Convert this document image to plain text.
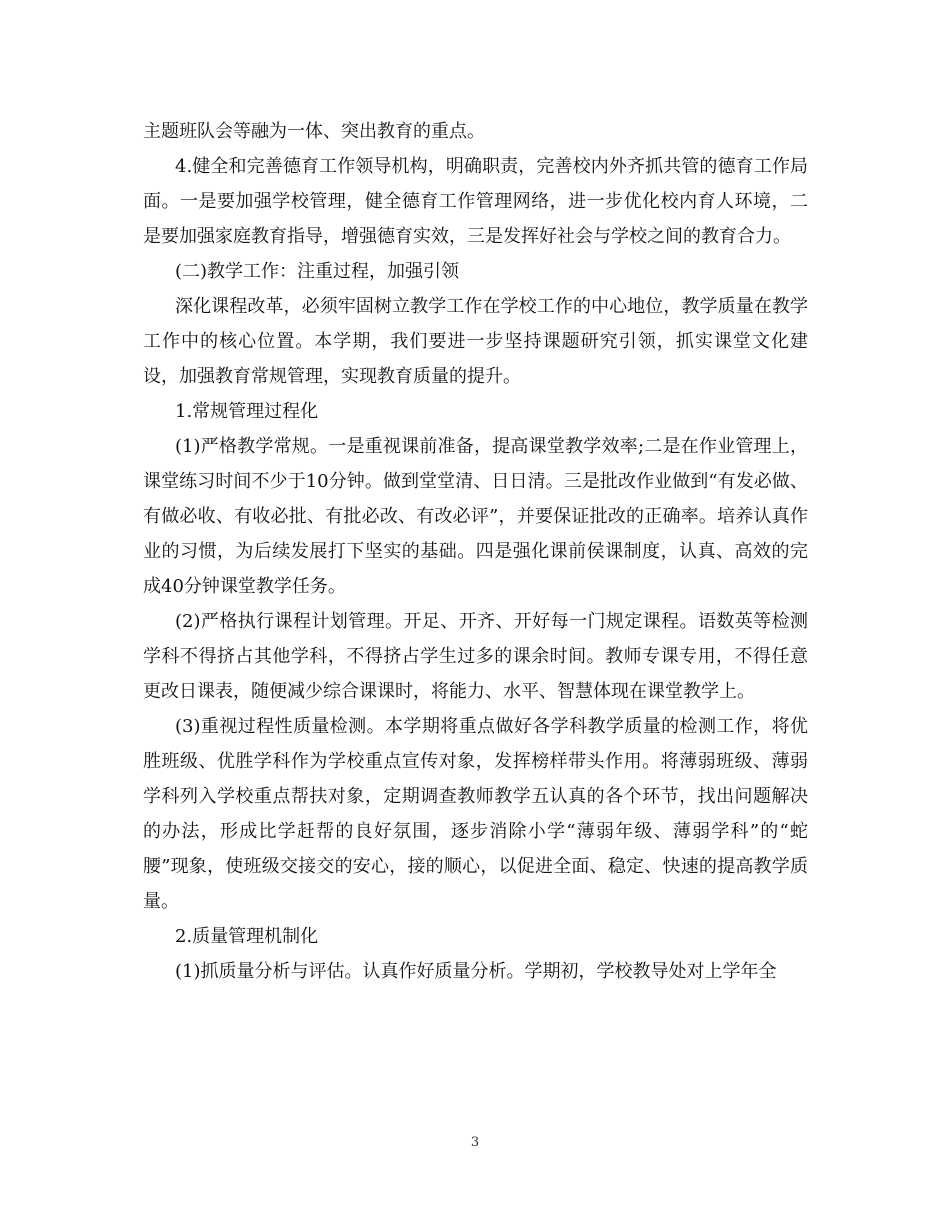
主题班队会等融为一体、突出教育的重点。

4.健全和完善德育工作领导机构，明确职责，完善校内外齐抓共管的德育工作局面。一是要加强学校管理，健全德育工作管理网络，进一步优化校内育人环境，二是要加强家庭教育指导，增强德育实效，三是发挥好社会与学校之间的教育合力。

(二)教学工作：注重过程，加强引领

深化课程改革，必须牢固树立教学工作在学校工作的中心地位，教学质量在教学工作中的核心位置。本学期，我们要进一步坚持课题研究引领，抓实课堂文化建设，加强教育常规管理，实现教育质量的提升。

1.常规管理过程化

(1)严格教学常规。一是重视课前准备，提高课堂教学效率;二是在作业管理上，课堂练习时间不少于10分钟。做到堂堂清、日日清。三是批改作业做到“有发必做、有做必收、有收必批、有批必改、有改必评”，并要保证批改的正确率。培养认真作业的习惯，为后续发展打下坚实的基础。四是强化课前侯课制度，认真、高效的完成40分钟课堂教学任务。

(2)严格执行课程计划管理。开足、开齐、开好每一门规定课程。语数英等检测学科不得挤占其他学科，不得挤占学生过多的课余时间。教师专课专用，不得任意更改日课表，随便减少综合课课时，将能力、水平、智慧体现在课堂教学上。

(3)重视过程性质量检测。本学期将重点做好各学科教学质量的检测工作，将优胜班级、优胜学科作为学校重点宣传对象，发挥榜样带头作用。将薄弱班级、薄弱学科列入学校重点帮扶对象，定期调查教师教学五认真的各个环节，找出问题解决的办法，形成比学赶帮的良好氛围，逐步消除小学“薄弱年级、薄弱学科”的“蛇腰”现象，使班级交接交的安心，接的顺心，以促进全面、稳定、快速的提高教学质量。

2.质量管理机制化

(1)抓质量分析与评估。认真作好质量分析。学期初，学校教导处对上学年全

3
